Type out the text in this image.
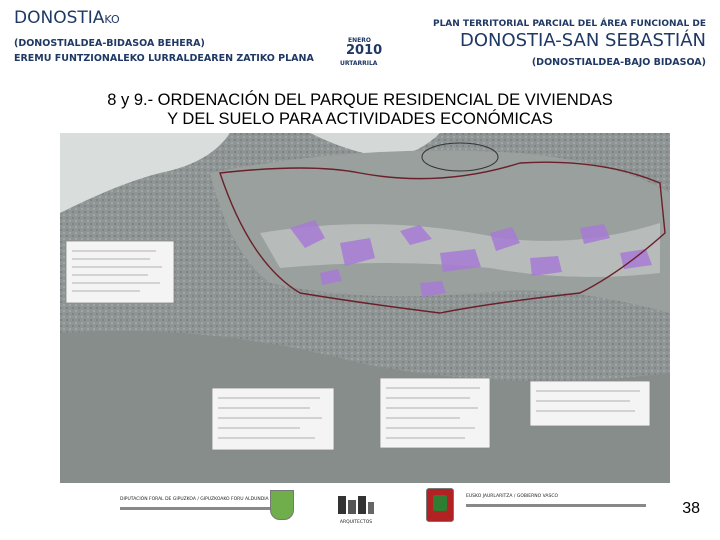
DONOSTIAKO
(DONOSTIALDEA-BIDASOA BEHERA)
EREMU FUNTZIONALEKO LURRALDEAREN ZATIKO PLANA
ENERO
2010
URTARRILA
PLAN TERRITORIAL PARCIAL DEL ÁREA FUNCIONAL DE
DONOSTIA-SAN SEBASTIÁN
(DONOSTIALDEA-BAJO BIDASOA)
8 y 9.- ORDENACIÓN DEL PARQUE RESIDENCIAL DE VIVIENDAS
Y DEL SUELO PARA ACTIVIDADES ECONÓMICAS
DIPUTACIÓN FORAL DE GIPUZKOA / GIPUZKOAKO FORU ALDUNDIA
ARQUITECTOS
EUSKO JAURLARITZA / GOBIERNO VASCO
38
